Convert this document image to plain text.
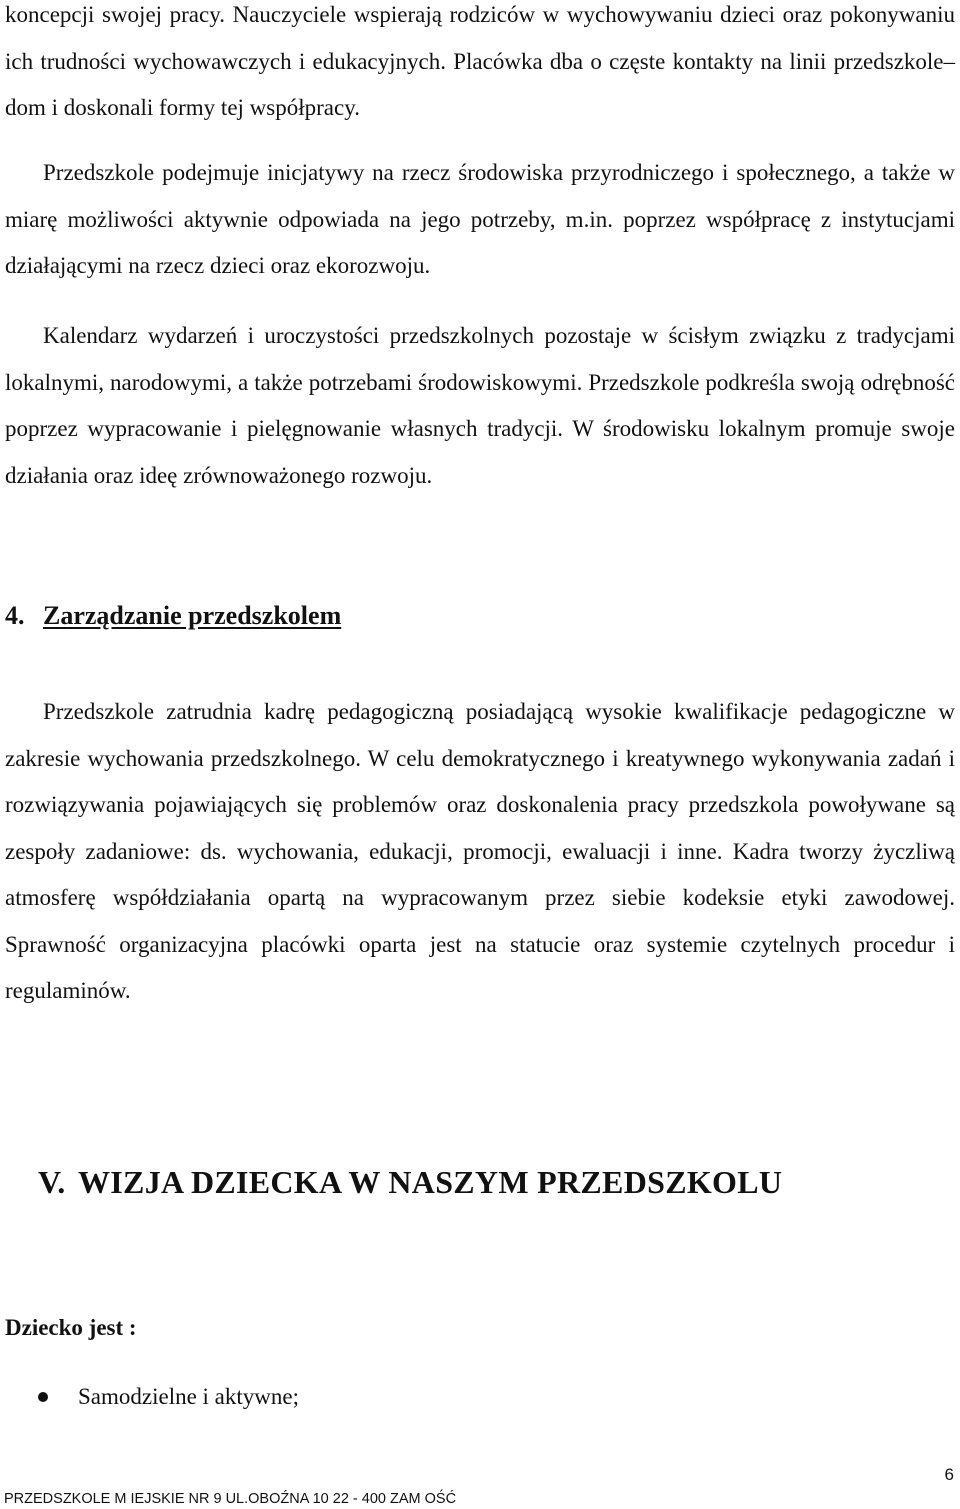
koncepcji swojej pracy. Nauczyciele wspierają rodziców w wychowywaniu dzieci oraz pokonywaniu ich trudności wychowawczych i edukacyjnych. Placówka dba o częste kontakty na linii przedszkole– dom i doskonali formy tej współpracy.

Przedszkole podejmuje inicjatywy na rzecz środowiska przyrodniczego i społecznego, a także w miarę możliwości aktywnie odpowiada na jego potrzeby, m.in. poprzez współpracę z instytucjami działającymi na rzecz dzieci oraz ekorozwoju.

Kalendarz wydarzeń i uroczystości przedszkolnych pozostaje w ścisłym związku z tradycjami lokalnymi, narodowymi, a także potrzebami środowiskowymi. Przedszkole podkreśla swoją odrębność poprzez wypracowanie i pielęgnowanie własnych tradycji. W środowisku lokalnym promuje swoje działania oraz ideę zrównoważonego rozwoju.

4. Zarządzanie przedszkolem

Przedszkole zatrudnia kadrę pedagogiczną posiadającą wysokie kwalifikacje pedagogiczne w zakresie wychowania przedszkolnego. W celu demokratycznego i kreatywnego wykonywania zadań i rozwiązywania pojawiających się problemów oraz doskonalenia pracy przedszkola powoływane są zespoły zadaniowe: ds. wychowania, edukacji, promocji, ewaluacji i inne. Kadra tworzy życzliwą atmosferę współdziałania opartą na wypracowanym przez siebie kodeksie etyki zawodowej. Sprawność organizacyjna placówki oparta jest na statucie oraz systemie czytelnych procedur i regulaminów.

V. WIZJA DZIECKA W NASZYM PRZEDSZKOLU
Dziecko jest :
Samodzielne i aktywne;
6
PRZEDSZKOLE M IEJSKIE NR 9 UL.OBOŹNA 10 22 - 400 ZAM OŚĆ
